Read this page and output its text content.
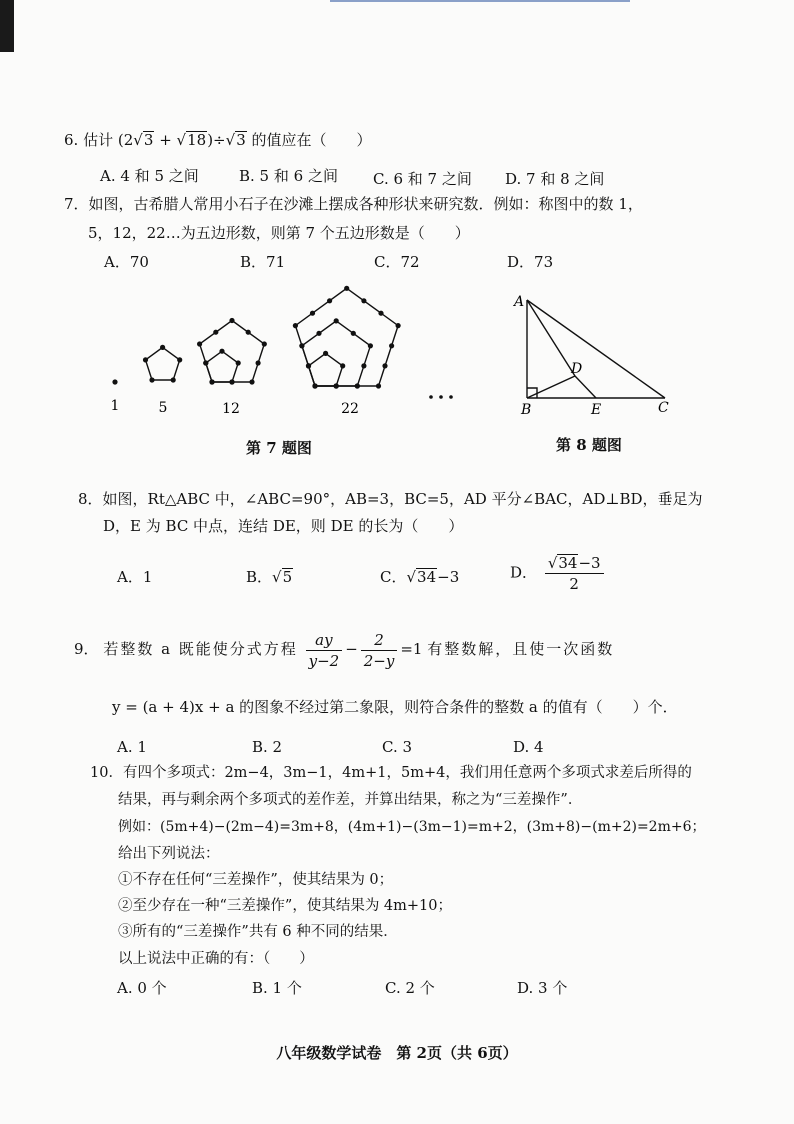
6. 估计 (2√3 + √18)÷√3 的值应在（　　）
A. 4 和 5 之间	B. 5 和 6 之间 C. 6 和 7 之间 D. 7 和 8 之间
7．如图，古希腊人常用小石子在沙滩上摆成各种形状来研究数．例如：称图中的数 1，
5，12，22…为五边形数，则第 7 个五边形数是（　　）
A．70	B．71	C．72	D．73
1	5	12	22
第 7 题图
A
D
B	E	C
第 8 题图
8．如图，Rt△ABC 中，∠ABC=90°，AB=3，BC=5，AD 平分∠BAC，AD⊥BD，垂足为
D，E 为 BC 中点，连结 DE，则 DE 的长为（　　）
A．1	B．√5	C．√34−3	D． $\frac{√34-3}{2}$
9． 若整数 a 既能使分式方程 $\frac{ay}{y-2} - \frac{2}{2-y} =1$ 有整数解，且使一次函数
y = (a + 4)x + a 的图象不经过第二象限，则符合条件的整数 a 的值有（　　）个．
A. 1	B. 2	C. 3	D. 4
10．有四个多项式：2m−4，3m−1，4m+1，5m+4，我们用任意两个多项式求差后所得的
结果，再与剩余两个多项式的差作差，并算出结果，称之为“三差操作”．
例如：(5m+4)−(2m−4)=3m+8，(4m+1)−(3m−1)=m+2，(3m+8)−(m+2)=2m+6；
给出下列说法：
①不存在任何“三差操作”，使其结果为 0；
②至少存在一种“三差操作”，使其结果为 4m+10；
③所有的“三差操作”共有 6 种不同的结果．
以上说法中正确的有：（　　）
A. 0 个	B. 1 个	C. 2 个	D. 3 个
八年级数学试卷　第 2页（共 6页）
